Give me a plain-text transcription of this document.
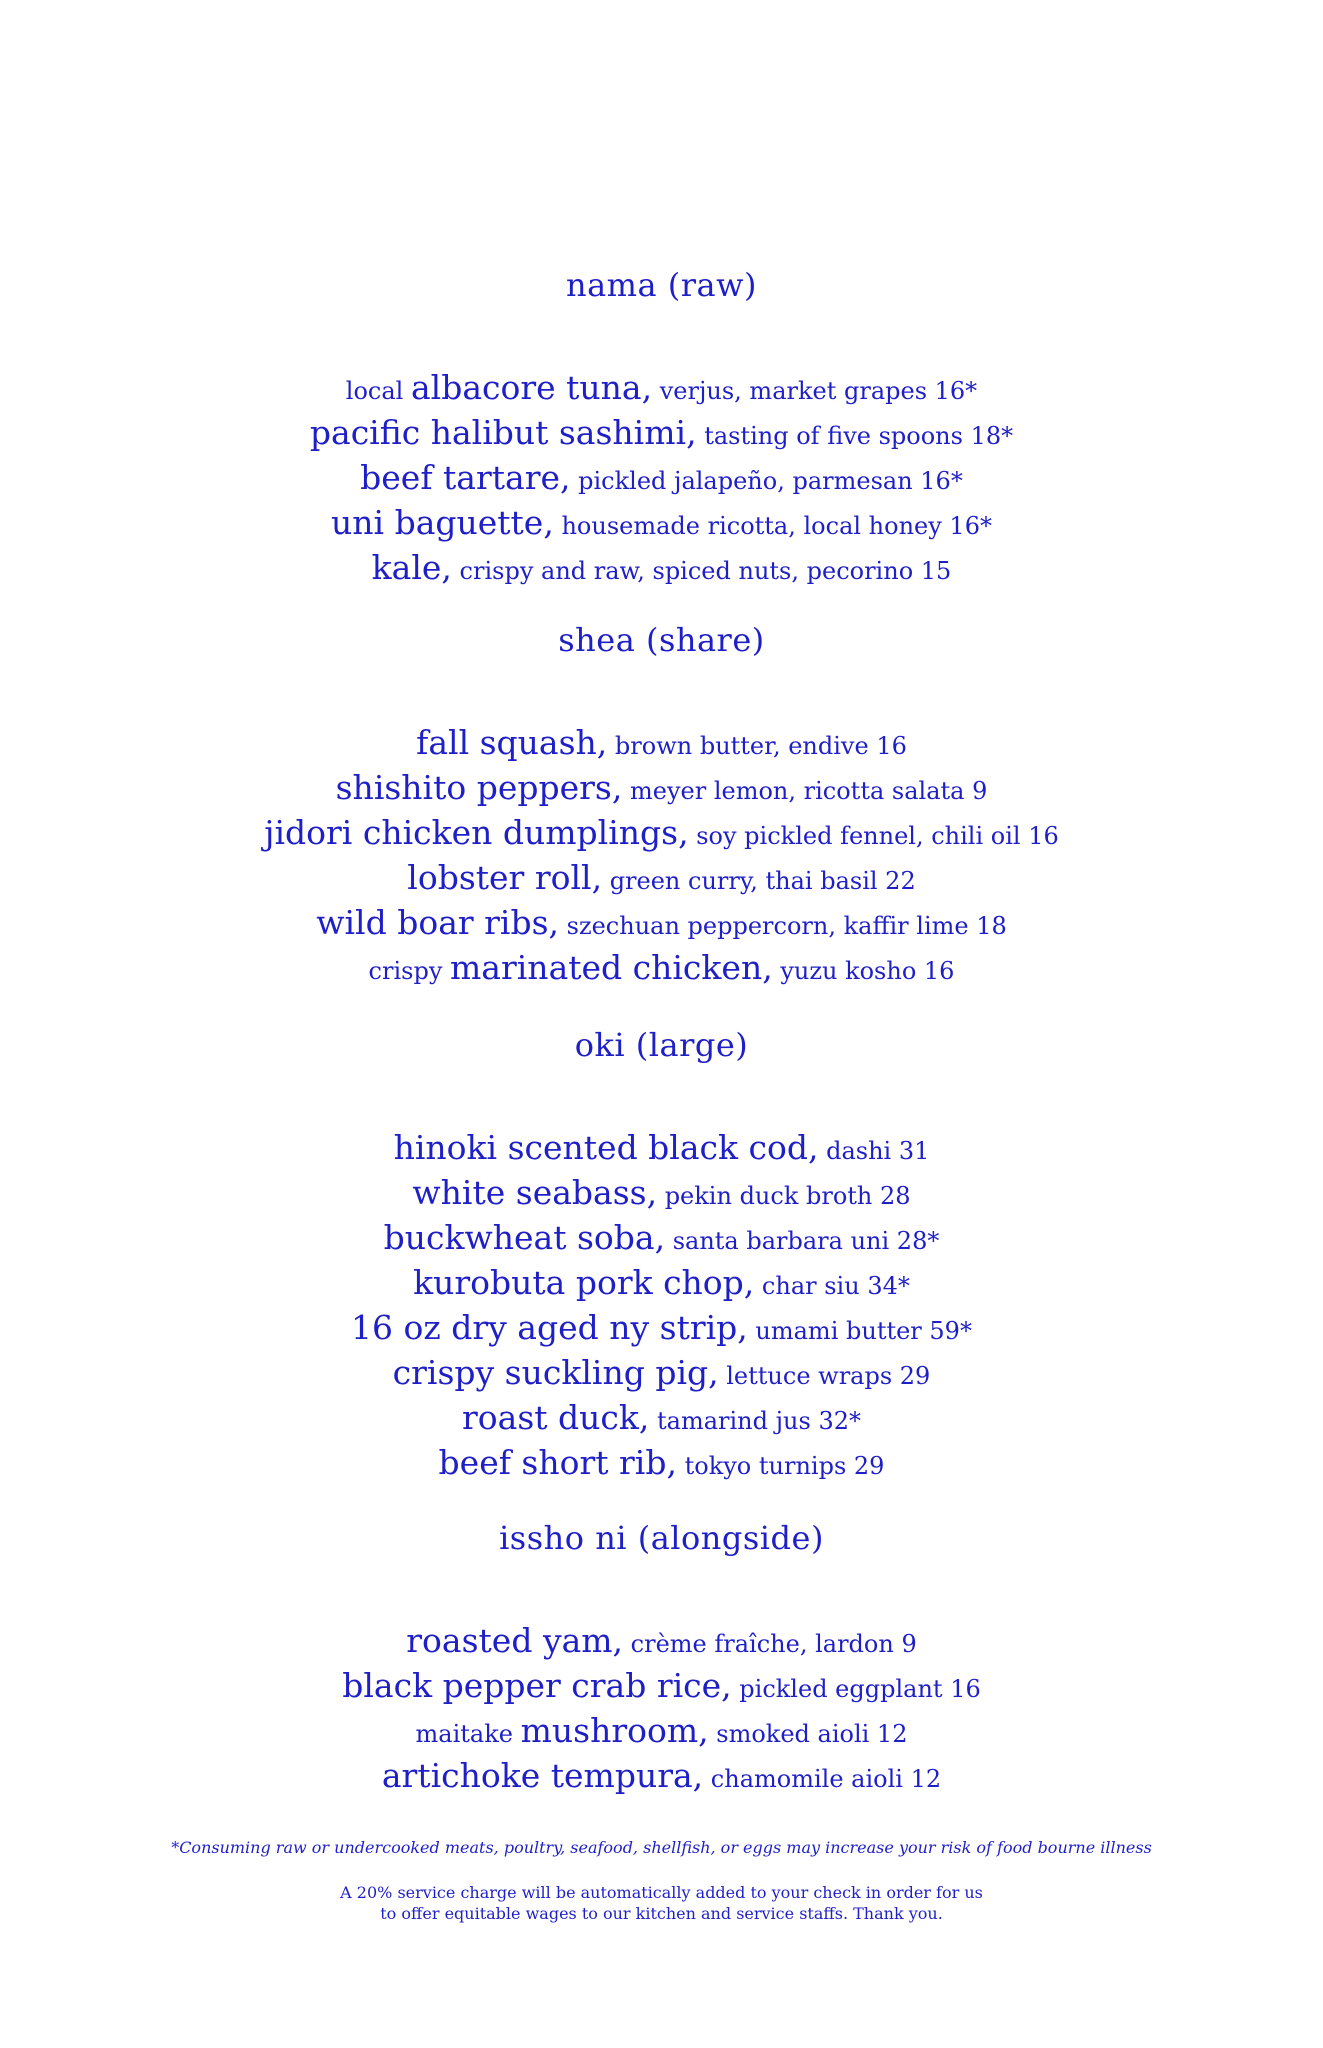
nama (raw)
local albacore tuna, verjus, market grapes 16*
pacific halibut sashimi, tasting of five spoons 18*
beef tartare, pickled jalapeño, parmesan 16*
uni baguette, housemade ricotta, local honey 16*
kale, crispy and raw, spiced nuts, pecorino 15
shea (share)
fall squash, brown butter, endive 16
shishito peppers, meyer lemon, ricotta salata 9
jidori chicken dumplings, soy pickled fennel, chili oil 16
lobster roll, green curry, thai basil 22
wild boar ribs, szechuan peppercorn, kaffir lime 18
crispy marinated chicken, yuzu kosho 16
oki (large)
hinoki scented black cod, dashi 31
white seabass, pekin duck broth 28
buckwheat soba, santa barbara uni 28*
kurobuta pork chop, char siu 34*
16 oz dry aged ny strip, umami butter 59*
crispy suckling pig, lettuce wraps 29
roast duck, tamarind jus 32*
beef short rib, tokyo turnips 29
issho ni (alongside)
roasted yam, crème fraîche, lardon 9
black pepper crab rice, pickled eggplant 16
maitake mushroom, smoked aioli 12
artichoke tempura, chamomile aioli 12
*Consuming raw or undercooked meats, poultry, seafood, shellfish, or eggs may increase your risk of food bourne illness
A 20% service charge will be automatically added to your check in order for us
to offer equitable wages to our kitchen and service staffs. Thank you.
